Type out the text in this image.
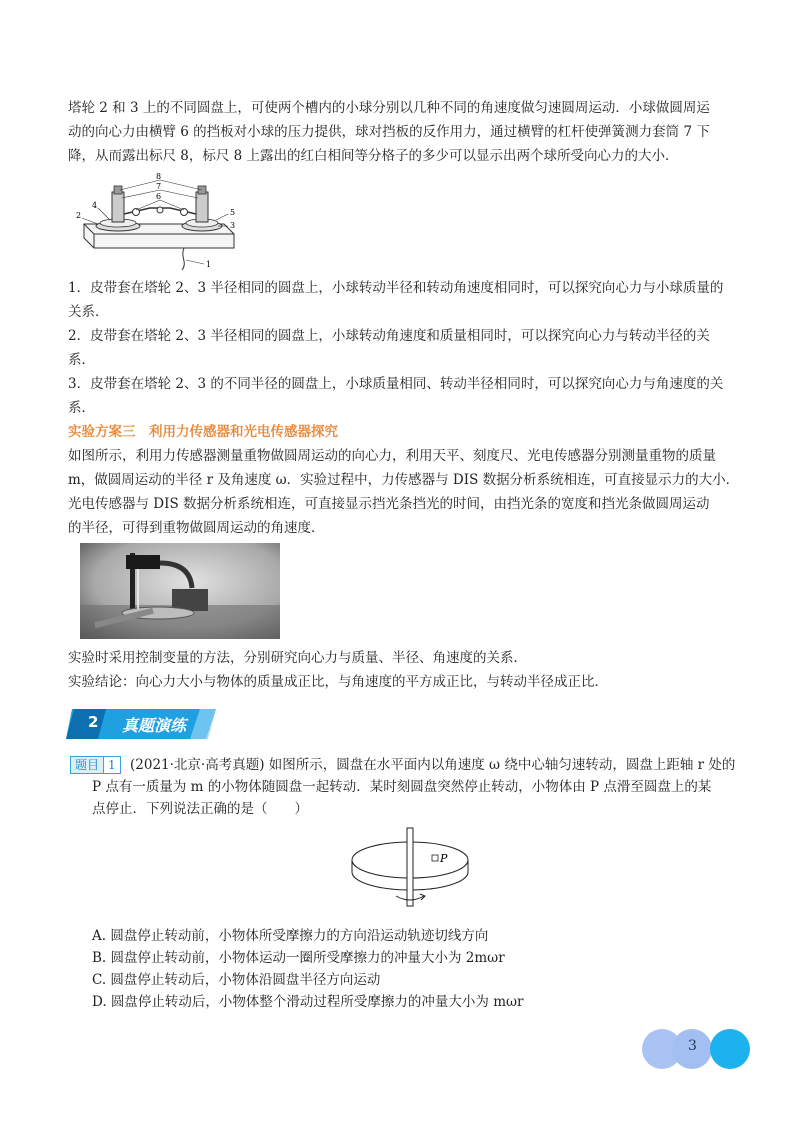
塔轮 2 和 3 上的不同圆盘上，可使两个槽内的小球分别以几种不同的角速度做匀速圆周运动．小球做圆周运
动的向心力由横臂 6 的挡板对小球的压力提供，球对挡板的反作用力，通过横臂的杠杆使弹簧测力套筒 7 下
降，从而露出标尺 8，标尺 8 上露出的红白相间等分格子的多少可以显示出两个球所受向心力的大小．
8
7
6
4
2	5
3
1
1．皮带套在塔轮 2、3 半径相同的圆盘上，小球转动半径和转动角速度相同时，可以探究向心力与小球质量的
关系．
2．皮带套在塔轮 2、3 半径相同的圆盘上，小球转动角速度和质量相同时，可以探究向心力与转动半径的关
系．
3．皮带套在塔轮 2、3 的不同半径的圆盘上，小球质量相同、转动半径相同时，可以探究向心力与角速度的关
系．
实验方案三　利用力传感器和光电传感器探究
如图所示，利用力传感器测量重物做圆周运动的向心力，利用天平、刻度尺、光电传感器分别测量重物的质量
m，做圆周运动的半径 r 及角速度 ω．实验过程中，力传感器与 DIS 数据分析系统相连，可直接显示力的大小．
光电传感器与 DIS 数据分析系统相连，可直接显示挡光条挡光的时间，由挡光条的宽度和挡光条做圆周运动
的半径，可得到重物做圆周运动的角速度．
实验时采用控制变量的方法，分别研究向心力与质量、半径、角速度的关系．
实验结论：向心力大小与物体的质量成正比，与角速度的平方成正比，与转动半径成正比．
2 真题演练
题目 1	(2021·北京·高考真题) 如图所示，圆盘在水平面内以角速度 ω 绕中心轴匀速转动，圆盘上距轴 r 处的
P 点有一质量为 m 的小物体随圆盘一起转动．某时刻圆盘突然停止转动，小物体由 P 点滑至圆盘上的某
点停止．下列说法正确的是（　　）
P
A. 圆盘停止转动前，小物体所受摩擦力的方向沿运动轨迹切线方向
B. 圆盘停止转动前，小物体运动一圈所受摩擦力的冲量大小为 2mωr
C. 圆盘停止转动后，小物体沿圆盘半径方向运动
D. 圆盘停止转动后，小物体整个滑动过程所受摩擦力的冲量大小为 mωr
3
